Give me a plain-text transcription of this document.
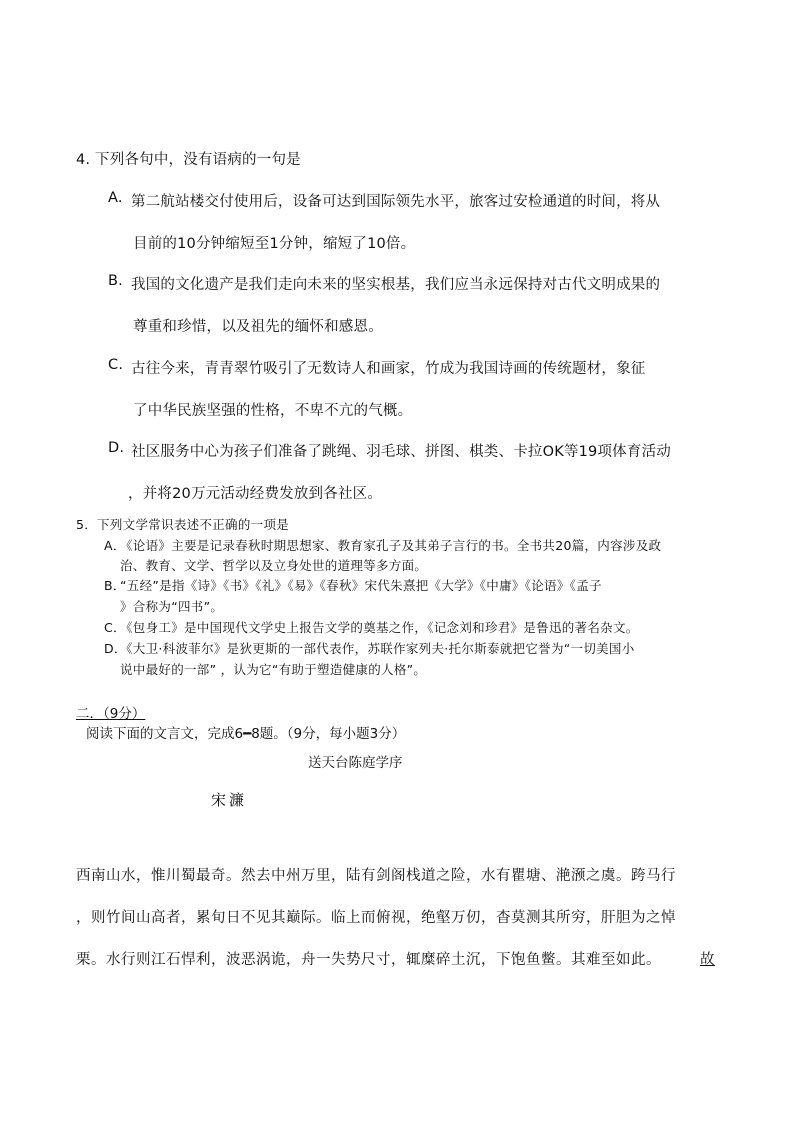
4. 下列各句中，没有语病的一句是
A. 第二航站楼交付使用后，设备可达到国际领先水平，旅客过安检通道的时间，将从
目前的10分钟缩短至1分钟，缩短了10倍。
B. 我国的文化遗产是我们走向未来的坚实根基，我们应当永远保持对古代文明成果的
尊重和珍惜，以及祖先的缅怀和感恩。
C. 古往今来，青青翠竹吸引了无数诗人和画家，竹成为我国诗画的传统题材，象征
了中华民族坚强的性格，不卑不亢的气概。
D. 社区服务中心为孩子们准备了跳绳、羽毛球、拼图、棋类、卡拉OK等19项体育活动
，并将20万元活动经费发放到各社区。
5．下列文学常识表述不正确的一项是
A．
《论语》主要是记录春秋时期思想家、教育家孔子及其弟子言行的书。全书共20篇，内容涉及政
治、教育、文学、哲学以及立身处世的道理等多方面。
B．
“五经”是指《诗》《书》《礼》《易》《春秋》宋代朱熹把《大学》《中庸》《论语》《孟子
》合称为“四书”。
C．
《包身工》是中国现代文学史上报告文学的奠基之作，《记念刘和珍君》是鲁迅的著名杂文。
D．
《大卫·科波菲尔》是狄更斯的一部代表作，苏联作家列夫·托尔斯泰就把它誉为“一切美国小
说中最好的一部” ，认为它“有助于塑造健康的人格”。
二．（9分）
阅读下面的文言文，完成6━8题。（9分，每小题3分）
送天台陈庭学序
宋濂
西南山水，惟川蜀最奇。然去中州万里，陆有剑阁栈道之险，水有瞿塘、滟滪之虞。跨马行
，则竹间山高者，累旬日不见其巅际。临上而俯视，绝壑万仞，杳莫测其所穷，肝胆为之悼
栗。水行则江石悍利，波恶涡诡，舟一失势尺寸，辄糜碎土沉，下饱鱼鳖。其难至如此。	故
